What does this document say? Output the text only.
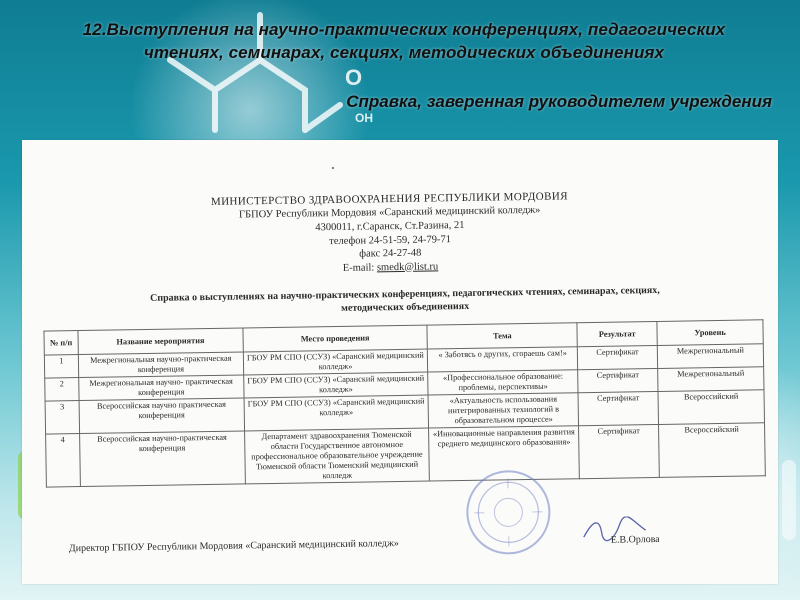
O
OH
12.Выступления на научно-практических конференциях, педагогических
чтениях, семинарах, секциях, методических объединениях
Справка, заверенная руководителем учреждения
МИНИСТЕРСТВО ЗДРАВООХРАНЕНИЯ РЕСПУБЛИКИ МОРДОВИЯ
ГБПОУ Республики Мордовия «Саранский медицинский колледж»
4300011, г.Саранск, Ст.Разина, 21
телефон 24-51-59, 24-79-71
факс 24-27-48
E-mail: smedk@list.ru
Справка о выступлениях на научно-практических конференциях, педагогических чтениях, семинарах, секциях,
методических объединениях
№ п/п	Название мероприятия	Место проведения	Тема	Результат	Уровень
1	Межрегиональная научно-практическая конференция	ГБОУ РМ СПО (ССУЗ) «Саранский медицинский колледж»	« Заботясь о других, сгораешь сам!»	Сертификат	Межрегиональный
2	Межрегиональная научно- практическая конференция	ГБОУ РМ СПО (ССУЗ) «Саранский медицинский колледж»	«Профессиональное образование: проблемы, перспективы»	Сертификат	Межрегиональный
3	Всероссийская научно практическая конференция	ГБОУ РМ СПО (ССУЗ) «Саранский медицинский колледж»	«Актуальность использования интегрированных технологий в образовательном процессе»	Сертификат	Всероссийский
4	Всероссийская научно-практическая конференция	Департамент здравоохранения Тюменской области Государственное автономное профессиональное образовательное учреждение Тюменской области Тюменский медицинский колледж	«Инновационные направления развития среднего медицинского образования»	Сертификат	Всероссийский
Директор ГБПОУ Республики Мордовия «Саранский медицинский колледж»	Е.В.Орлова
